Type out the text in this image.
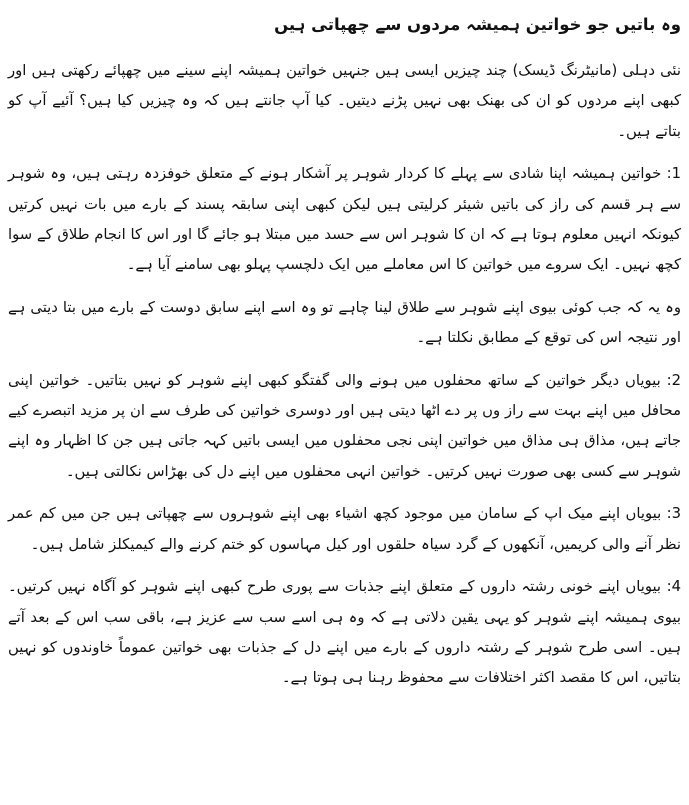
وہ باتیں جو خواتین ہمیشہ مردوں سے چھپاتی ہیں

نئی دہلی (مانیٹرنگ ڈیسک) چند چیزیں ایسی ہیں جنہیں خواتین ہمیشہ اپنے سینے میں چھپائے رکھتی ہیں اور کبھی اپنے مردوں کو ان کی بھنک بھی نہیں پڑنے دیتیں۔ کیا آپ جانتے ہیں کہ وہ چیزیں کیا ہیں؟ آئیے آپ کو بتاتے ہیں۔

1: خواتین ہمیشہ اپنا شادی سے پہلے کا کردار شوہر پر آشکار ہونے کے متعلق خوفزدہ رہتی ہیں، وہ شوہر سے ہر قسم کی راز کی باتیں شیئر کرلیتی ہیں لیکن کبھی اپنی سابقہ پسند کے بارے میں بات نہیں کرتیں کیونکہ انہیں معلوم ہوتا ہے کہ ان کا شوہر اس سے حسد میں مبتلا ہو جائے گا اور اس کا انجام طلاق کے سوا کچھ نہیں۔ ایک سروے میں خواتین کا اس معاملے میں ایک دلچسپ پہلو بھی سامنے آیا ہے۔

وہ یہ کہ جب کوئی بیوی اپنے شوہر سے طلاق لینا چاہے تو وہ اسے اپنے سابق دوست کے بارے میں بتا دیتی ہے اور نتیجہ اس کی توقع کے مطابق نکلتا ہے۔

2: بیویاں دیگر خواتین کے ساتھ محفلوں میں ہونے والی گفتگو کبھی اپنے شوہر کو نہیں بتاتیں۔ خواتین اپنی محافل میں اپنے بہت سے راز وں پر دے اٹھا دیتی ہیں اور دوسری خواتین کی طرف سے ان پر مزید اتبصرے کیے جاتے ہیں، مذاق ہی مذاق میں خواتین اپنی نجی محفلوں میں ایسی باتیں کہہ جاتی ہیں جن کا اظہار وہ اپنے شوہر سے کسی بھی صورت نہیں کرتیں۔ خواتین انہی محفلوں میں اپنے دل کی بھڑاس نکالتی ہیں۔

3: بیویاں اپنے میک اپ کے سامان میں موجود کچھ اشیاء بھی اپنے شوہروں سے چھپاتی ہیں جن میں کم عمر نظر آنے والی کریمیں، آنکھوں کے گرد سیاہ حلقوں اور کیل مہاسوں کو ختم کرنے والے کیمیکلز شامل ہیں۔

4: بیویاں اپنے خونی رشتہ داروں کے متعلق اپنے جذبات سے پوری طرح کبھی اپنے شوہر کو آگاہ نہیں کرتیں۔ بیوی ہمیشہ اپنے شوہر کو یہی یقین دلاتی ہے کہ وہ ہی اسے سب سے عزیز ہے، باقی سب اس کے بعد آتے ہیں۔ اسی طرح شوہر کے رشتہ داروں کے بارے میں اپنے دل کے جذبات بھی خواتین عموماً خاوندوں کو نہیں بتاتیں، اس کا مقصد اکثر اختلافات سے محفوظ رہنا ہی ہوتا ہے۔
